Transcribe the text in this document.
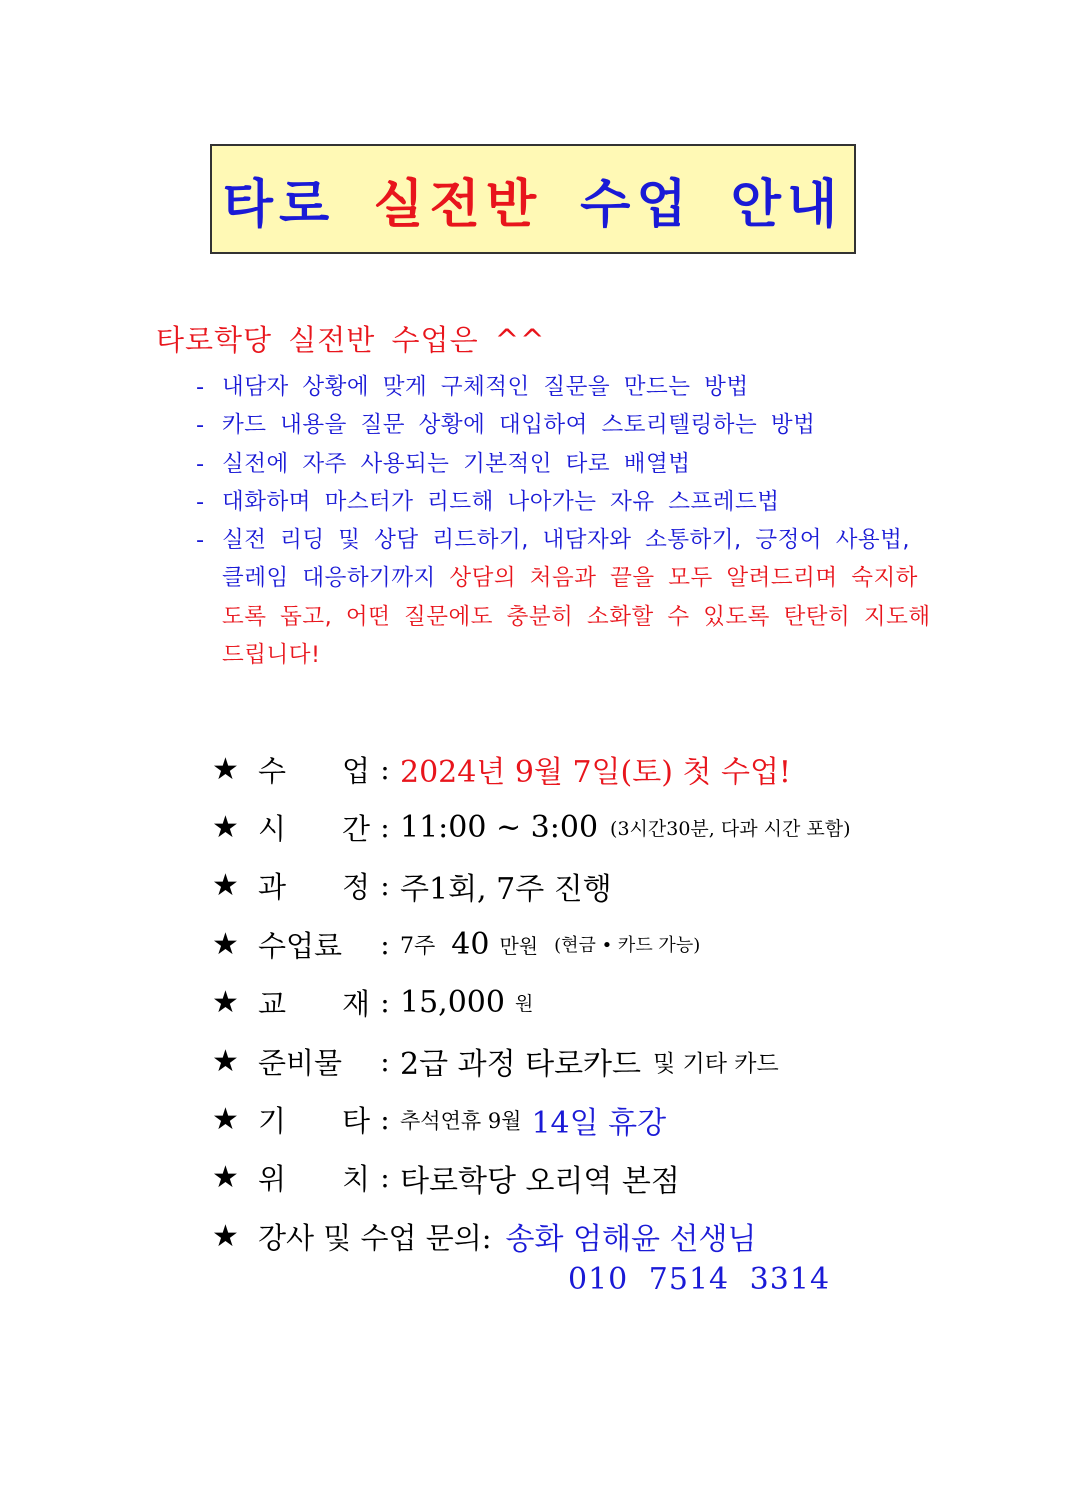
타로 실전반 수업 안내
타로학당 실전반 수업은 ^^
- 내담자 상황에 맞게 구체적인 질문을 만드는 방법
- 카드 내용을 질문 상황에 대입하여 스토리텔링하는 방법
- 실전에 자주 사용되는 기본적인 타로 배열법
- 대화하며 마스터가 리드해 나아가는 자유 스프레드법
- 실전 리딩 및 상담 리드하기, 내담자와 소통하기, 긍정어 사용법, 클레임 대응하기까지 상담의 처음과 끝을 모두 알려드리며 숙지하도록 돕고, 어떤 질문에도 충분히 소화할 수 있도록 탄탄히 지도해 드립니다!
★ 수 업 : 2024년 9월 7일(토) 첫 수업!
★ 시 간 : 11:00 ~ 3:00 (3시간30분, 다과 시간 포함)
★ 과 정 : 주1회, 7주 진행
★ 수업료	: 7주 40 만원 (현금 • 카드 가능)
★ 교 재 : 15,000 원
★ 준비물	: 2급 과정 타로카드 및 기타 카드
★ 기 타 : 추석연휴 9월 14일 휴강
★ 위 치 : 타로학당 오리역 본점
★ 강사 및 수업 문의: 송화 엄해윤 선생님
010 7514 3314
